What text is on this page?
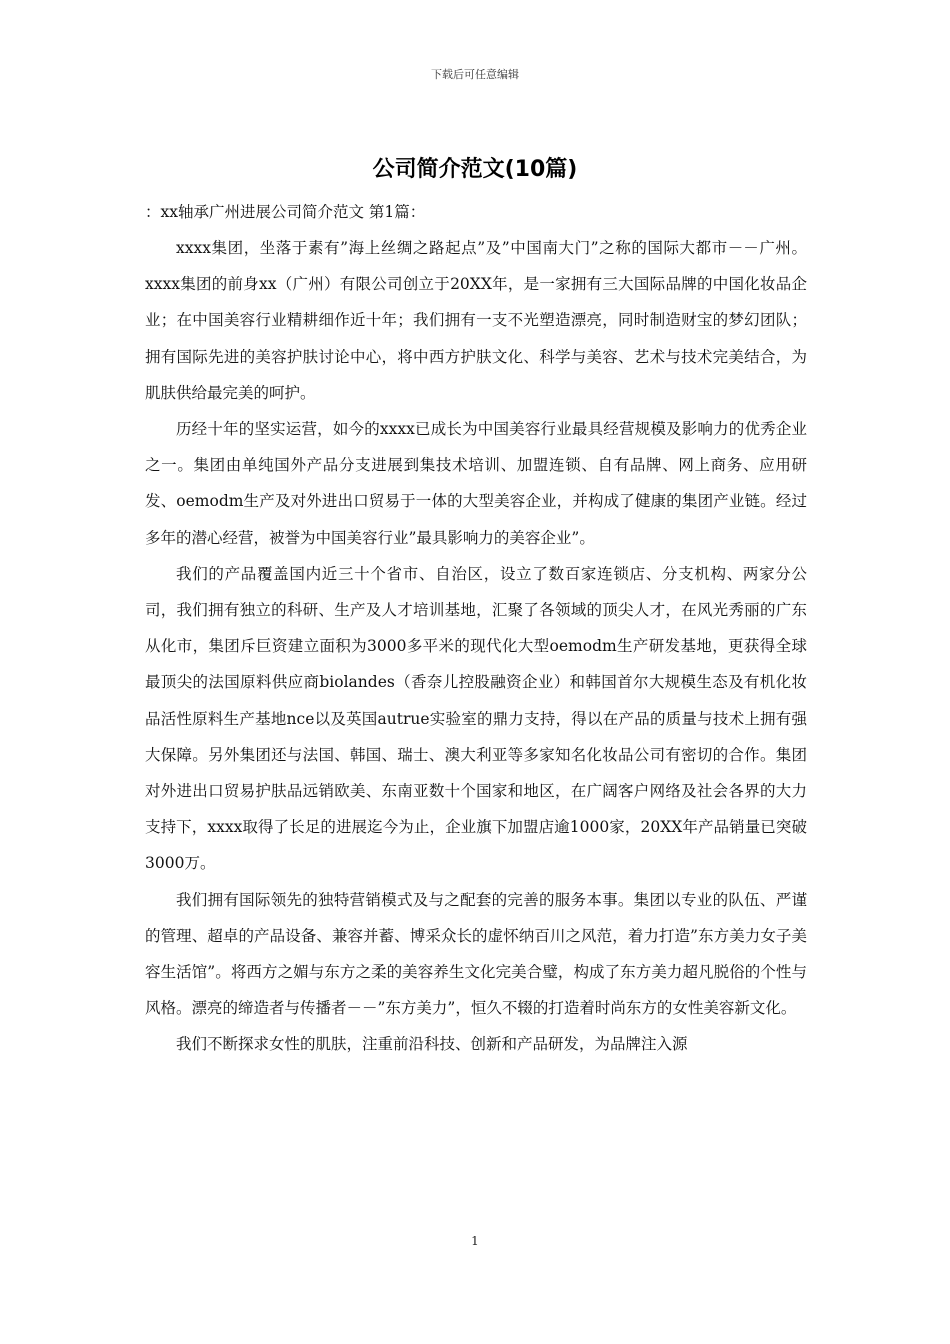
下载后可任意编辑
公司简介范文(10篇)

：xx轴承广州进展公司简介范文 第1篇：

xxxx集团，坐落于素有”海上丝绸之路起点”及”中国南大门”之称的国际大都市－－广州。xxxx集团的前身xx（广州）有限公司创立于20XX年，是一家拥有三大国际品牌的中国化妆品企业；在中国美容行业精耕细作近十年；我们拥有一支不光塑造漂亮，同时制造财宝的梦幻团队；拥有国际先进的美容护肤讨论中心，将中西方护肤文化、科学与美容、艺术与技术完美结合，为肌肤供给最完美的呵护。

历经十年的坚实运营，如今的xxxx已成长为中国美容行业最具经营规模及影响力的优秀企业之一。集团由单纯国外产品分支进展到集技术培训、加盟连锁、自有品牌、网上商务、应用研发、oemodm生产及对外进出口贸易于一体的大型美容企业，并构成了健康的集团产业链。经过多年的潜心经营，被誉为中国美容行业”最具影响力的美容企业”。

我们的产品覆盖国内近三十个省市、自治区，设立了数百家连锁店、分支机构、两家分公司，我们拥有独立的科研、生产及人才培训基地，汇聚了各领域的顶尖人才，在风光秀丽的广东从化市，集团斥巨资建立面积为3000多平米的现代化大型oemodm生产研发基地，更获得全球最顶尖的法国原料供应商biolandes（香奈儿控股融资企业）和韩国首尔大规模生态及有机化妆品活性原料生产基地nce以及英国autrue实验室的鼎力支持，得以在产品的质量与技术上拥有强大保障。另外集团还与法国、韩国、瑞士、澳大利亚等多家知名化妆品公司有密切的合作。集团对外进出口贸易护肤品远销欧美、东南亚数十个国家和地区，在广阔客户网络及社会各界的大力支持下，xxxx取得了长足的进展迄今为止，企业旗下加盟店逾1000家，20XX年产品销量已突破3000万。

我们拥有国际领先的独特营销模式及与之配套的完善的服务本事。集团以专业的队伍、严谨的管理、超卓的产品设备、兼容并蓄、博采众长的虚怀纳百川之风范，着力打造”东方美力女子美容生活馆”。将西方之媚与东方之柔的美容养生文化完美合璧，构成了东方美力超凡脱俗的个性与风格。漂亮的缔造者与传播者－－”东方美力”，恒久不辍的打造着时尚东方的女性美容新文化。

我们不断探求女性的肌肤，注重前沿科技、创新和产品研发，为品牌注入源

1
